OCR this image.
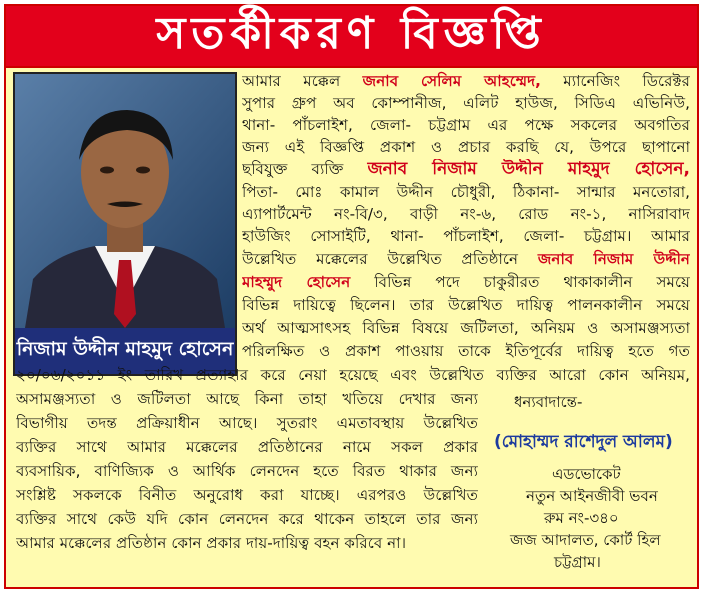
সতর্কীকরণ বিজ্ঞপ্তি
নিজাম উদ্দীন মাহমুদ হোসেন
আমার মক্কেল জনাব সেলিম আহম্মেদ, ম্যানেজিং ডিরেক্টর
সুপার গ্রুপ অব কোম্পানীজ, এলিট হাউজ, সিডিএ এভিনিউ,
থানা- পাঁচলাইশ, জেলা- চট্টগ্রাম এর পক্ষে সকলের অবগতির
জন্য এই বিজ্ঞপ্তি প্রকাশ ও প্রচার করছি যে, উপরে ছাপানো
ছবিযুক্ত ব্যক্তি জনাব নিজাম উদ্দীন মাহমুদ হোসেন,
পিতা- মোঃ কামাল উদ্দীন চৌধুরী, ঠিকানা- সান্মার মনতোরা,
এ্যাপার্টমেন্ট নং-বি/৩, বাড়ী নং-৬, রোড নং-১, নাসিরাবাদ
হাউজিং সোসাইটি, থানা- পাঁচলাইশ, জেলা- চট্টগ্রাম। আমার
উল্লেখিত মক্কেলের উল্লেখিত প্রতিষ্ঠানে জনাব নিজাম উদ্দীন
মাহম্মুদ হোসেন বিভিন্ন পদে চাকুরীরত থাকাকালীন সময়ে
বিভিন্ন দায়িত্বে ছিলেন। তার উল্লেখিত দায়িত্ব পালনকালীন সময়ে
অর্থ আত্মসাৎসহ বিভিন্ন বিষয়ে জটিলতা, অনিয়ম ও অসামঞ্জস্যতা
পরিলক্ষিত ও প্রকাশ পাওয়ায় তাকে ইতিপূর্বের দায়িত্ব হতে গত
২০/০৬/২০১১ ইং তারিখ প্রত্যাহার করে নেয়া হয়েছে এবং উল্লেখিত ব্যক্তির আরো কোন অনিয়ম,
অসামঞ্জস্যতা ও জটিলতা আছে কিনা তাহা খতিয়ে দেখার জন্য
বিভাগীয় তদন্ত প্রক্রিয়াধীন আছে। সুতরাং এমতাবস্থায় উল্লেখিত
ব্যক্তির সাথে আমার মক্কেলের প্রতিষ্ঠানের নামে সকল প্রকার
ব্যবসায়িক, বাণিজ্যিক ও আর্থিক লেনদেন হতে বিরত থাকার জন্য
সংশ্লিষ্ট সকলকে বিনীত অনুরোধ করা যাচ্ছে। এরপরও উল্লেখিত
ব্যক্তির সাথে কেউ যদি কোন লেনদেন করে থাকেন তাহলে তার জন্য
আমার মক্কেলের প্রতিষ্ঠান কোন প্রকার দায়-দায়িত্ব বহন করিবে না।
ধন্যবাদান্তে-
(মোহাম্মদ রাশেদুল আলম)
এডভোকেট
নতুন আইনজীবী ভবন
রুম নং-৩৪০
জজ আদালত, কোর্ট হিল
চট্টগ্রাম।
